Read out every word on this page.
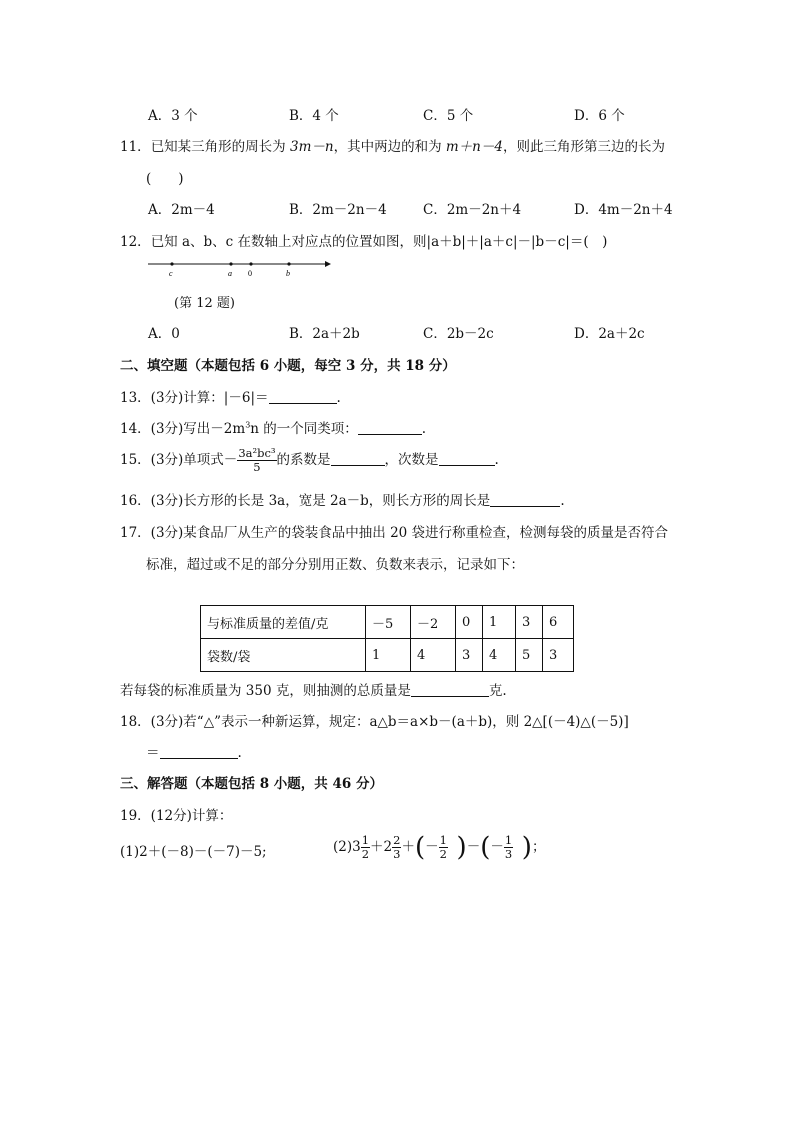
A．3 个	B．4 个	C．5 个	D．6 个
11．已知某三角形的周长为 3m－n，其中两边的和为 m＋n－4，则此三角形第三边的长为
(　　)
A．2m－4	B．2m－2n－4	C．2m－2n＋4	D．4m－2n＋4
12．已知 a、b、c 在数轴上对应点的位置如图，则|a＋b|＋|a＋c|－|b－c|＝(　)
c	a 0	b
(第 12 题)
A．0	B．2a＋2b	C．2b－2c	D．2a＋2c
二、填空题（本题包括 6 小题，每空 3 分，共 18 分）
13．(3分)计算：|－6|＝	.
14．(3分)写出$-2m^3n$ 的一个同类项：	.
15．(3分)单项式－ $\frac{\text{3a²bc³}}{5}$ 的系数是	，次数是	.
16．(3分)长方形的长是 3a，宽是 2a－b，则长方形的周长是	.
17．(3分)某食品厂从生产的袋装食品中抽出 20 袋进行称重检查，检测每袋的质量是否符合
标准，超过或不足的部分分别用正数、负数来表示，记录如下：
与标准质量的差值/克	－5	－2	0	1	3	6
袋数/袋	1	4	3	4	5	3
若每袋的标准质量为 350 克，则抽测的总质量是	克.
18．(3分)若“△”表示一种新运算，规定：a△b＝a×b－(a＋b)，则 2△[(－4)△(－5)]
＝	.
三、解答题（本题包括 8 小题，共 46 分）
19．(12分)计算：
(1)2＋(－8)－(－7)－5;	$(2)3 \frac{1}{2} +2 \frac{2}{3}$ ＋(－ $\frac{1}{2}$ )－(－ $\frac{1}{3}$ )；
